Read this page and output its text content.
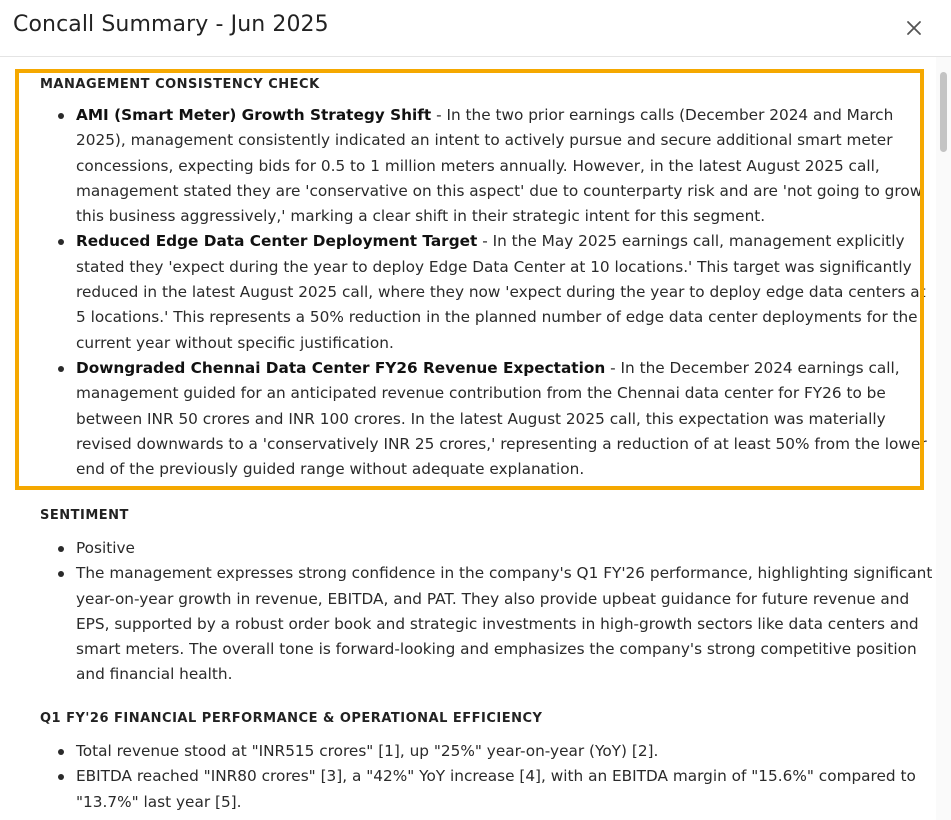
Concall Summary - Jun 2025
MANAGEMENT CONSISTENCY CHECK
AMI (Smart Meter) Growth Strategy Shift - In the two prior earnings calls (December 2024 and March 2025), management consistently indicated an intent to actively pursue and secure additional smart meter concessions, expecting bids for 0.5 to 1 million meters annually. However, in the latest August 2025 call, management stated they are 'conservative on this aspect' due to counterparty risk and are 'not going to grow this business aggressively,' marking a clear shift in their strategic intent for this segment.
Reduced Edge Data Center Deployment Target - In the May 2025 earnings call, management explicitly stated they 'expect during the year to deploy Edge Data Center at 10 locations.' This target was significantly reduced in the latest August 2025 call, where they now 'expect during the year to deploy edge data centers at 5 locations.' This represents a 50% reduction in the planned number of edge data center deployments for the current year without specific justification.
Downgraded Chennai Data Center FY26 Revenue Expectation - In the December 2024 earnings call, management guided for an anticipated revenue contribution from the Chennai data center for FY26 to be between INR 50 crores and INR 100 crores. In the latest August 2025 call, this expectation was materially revised downwards to a 'conservatively INR 25 crores,' representing a reduction of at least 50% from the lower end of the previously guided range without adequate explanation.
SENTIMENT
Positive
The management expresses strong confidence in the company's Q1 FY'26 performance, highlighting significant year-on-year growth in revenue, EBITDA, and PAT. They also provide upbeat guidance for future revenue and EPS, supported by a robust order book and strategic investments in high-growth sectors like data centers and smart meters. The overall tone is forward-looking and emphasizes the company's strong competitive position and financial health.
Q1 FY'26 FINANCIAL PERFORMANCE & OPERATIONAL EFFICIENCY
Total revenue stood at "INR515 crores" [1], up "25%" year-on-year (YoY) [2].
EBITDA reached "INR80 crores" [3], a "42%" YoY increase [4], with an EBITDA margin of "15.6%" compared to "13.7%" last year [5].
